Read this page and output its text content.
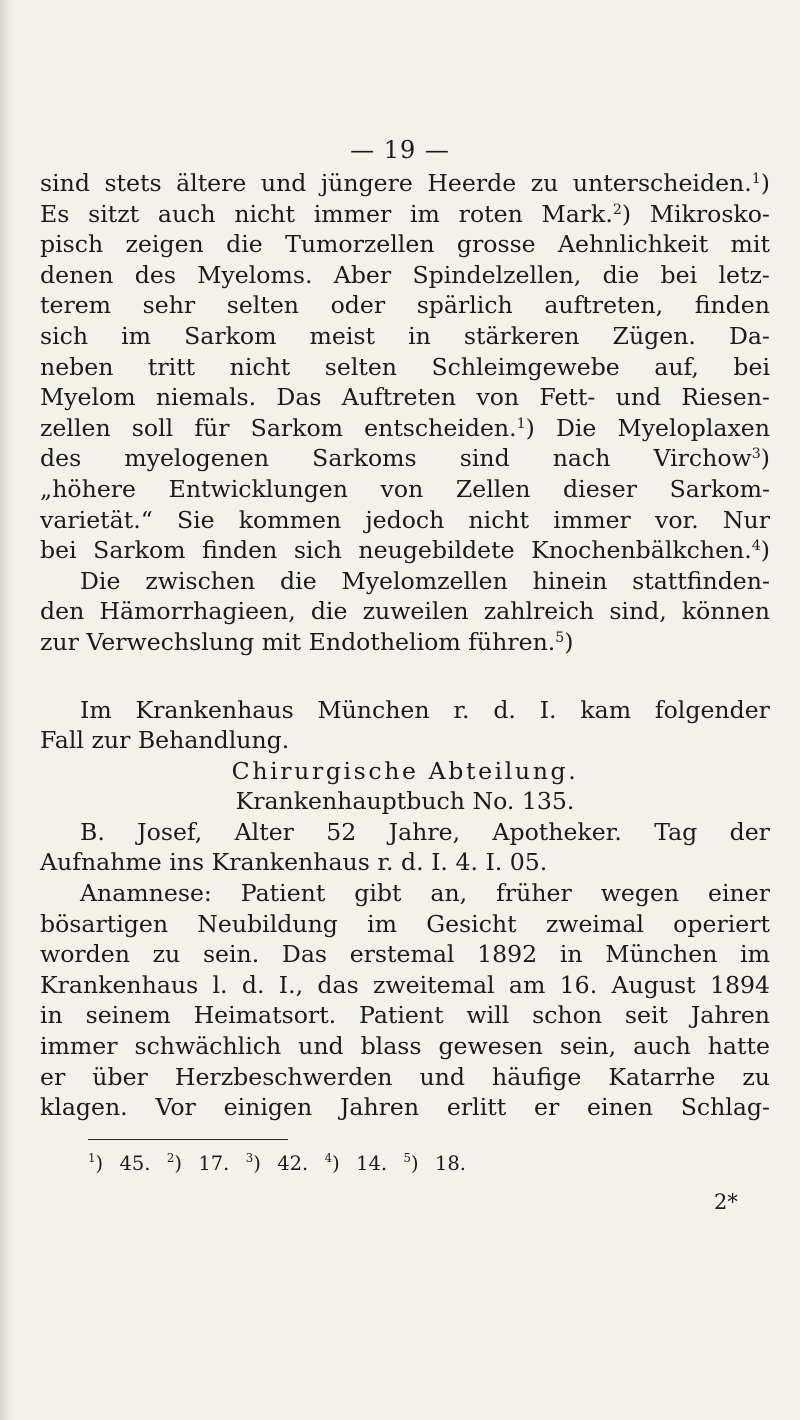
— 19 —
sind stets ältere und jüngere Heerde zu unterscheiden.$^1$)
Es sitzt auch nicht immer im roten Mark.$^2$) Mikrosko-
pisch zeigen die Tumorzellen grosse Aehnlichkeit mit
denen des Myeloms. Aber Spindelzellen, die bei letz-
terem sehr selten oder spärlich auftreten, finden
sich im Sarkom meist in stärkeren Zügen. Da-
neben tritt nicht selten Schleimgewebe auf, bei
Myelom niemals. Das Auftreten von Fett- und Riesen-
zellen soll für Sarkom entscheiden.$^1$) Die Myeloplaxen
des myelogenen Sarkoms sind nach Virchow$^3$)
„höhere Entwicklungen von Zellen dieser Sarkom-
varietät.“ Sie kommen jedoch nicht immer vor. Nur
bei Sarkom finden sich neugebildete Knochenbälkchen.$^4$)
Die zwischen die Myelomzellen hinein stattfinden-
den Hämorrhagieen, die zuweilen zahlreich sind, können
zur
Verwechslung
mit
Endotheliom
führen.$^5$)
Im Krankenhaus München r. d. I. kam folgender
Fall
zur
Behandlung.
Chirurgische
Abteilung.
Krankenhauptbuch
No.
135.
B. Josef, Alter 52 Jahre, Apotheker. Tag der
Aufnahme
ins
Krankenhaus
r.
d.
I.
4.
I.
05.
Anamnese: Patient gibt an, früher wegen einer
bösartigen Neubildung im Gesicht zweimal operiert
worden zu sein. Das erstemal 1892 in München im
Krankenhaus l. d. I., das zweitemal am 16. August 1894
in seinem Heimatsort. Patient will schon seit Jahren
immer schwächlich und blass gewesen sein, auch hatte
er über Herzbeschwerden und häufige Katarrhe zu
klagen. Vor einigen Jahren erlitt er einen Schlag-
$^1$) 45. $^2$) 17. $^3$) 42. $^4$) 14. $^5$) 18.
2*
